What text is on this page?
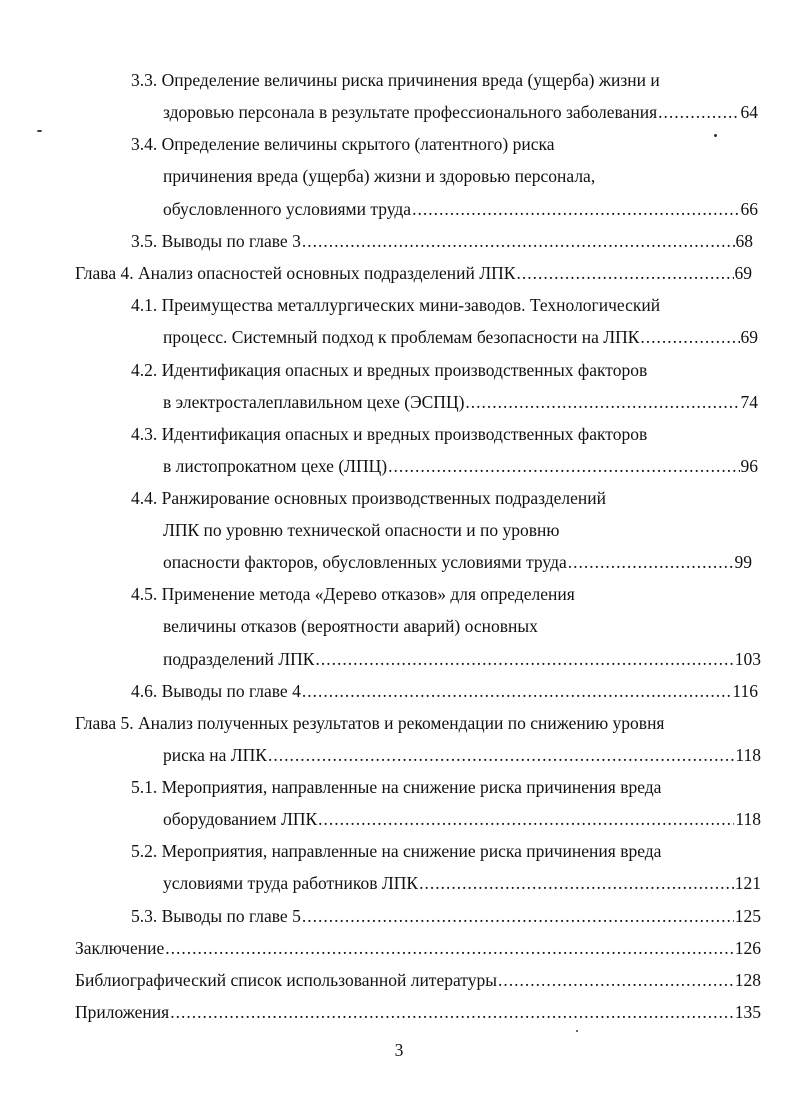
3.3. Определение величины риска причинения вреда (ущерба) жизни и
здоровью персонала в результате профессионального заболевания .....	64
3.4. Определение величины скрытого (латентного) риска
причинения вреда (ущерба) жизни и здоровью персонала,
обусловленного условиями труда .....	66
3.5. Выводы по главе 3 .....	68
Глава 4. Анализ опасностей основных подразделений ЛПК .....	69
4.1. Преимущества металлургических мини-заводов. Технологический
процесс. Системный подход к проблемам безопасности на ЛПК .....	69
4.2. Идентификация опасных и вредных производственных факторов
в электросталеплавильном цехе (ЭСПЦ) .....	74
4.3. Идентификация опасных и вредных производственных факторов
в листопрокатном цехе (ЛПЦ) .....	96
4.4. Ранжирование основных производственных подразделений
ЛПК по уровню технической опасности и по уровню
опасности факторов, обусловленных условиями труда .....	99
4.5. Применение метода «Дерево отказов» для определения
величины отказов (вероятности аварий) основных
подразделений ЛПК .....	103
4.6. Выводы по главе 4 .....	116
Глава 5. Анализ полученных результатов и рекомендации по снижению уровня
риска на ЛПК .....	118
5.1. Мероприятия, направленные на снижение риска причинения вреда
оборудованием ЛПК .....	118
5.2. Мероприятия, направленные на снижение риска причинения вреда
условиями труда работников ЛПК .....	121
5.3. Выводы по главе 5 .....	125
Заключение .....	126
Библиографический список использованной литературы .....	128
Приложения .....	135
3
